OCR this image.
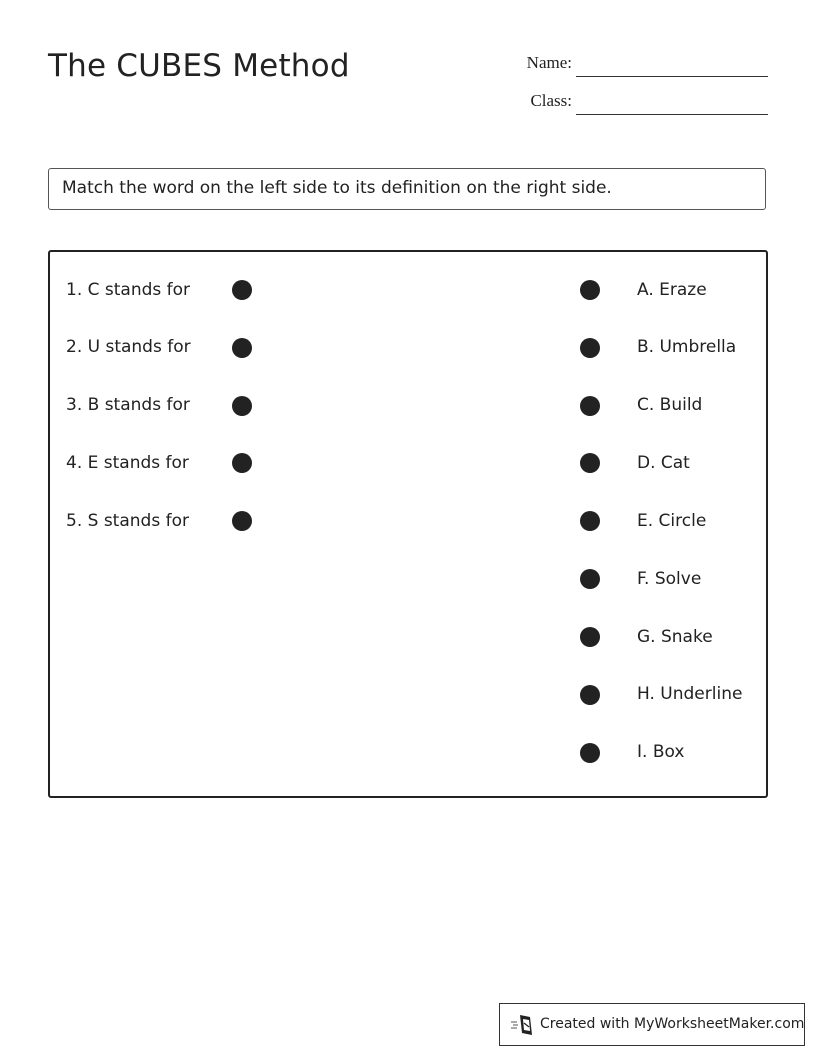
The CUBES Method	Name:
Class:
Match the word on the left side to its definition on the right side.
1. C stands for
2. U stands for
3. B stands for
4. E stands for
5. S stands for
A. Eraze
B. Umbrella
C. Build
D. Cat
E. Circle
F. Solve
G. Snake
H. Underline
I. Box
Created with MyWorksheetMaker.com
